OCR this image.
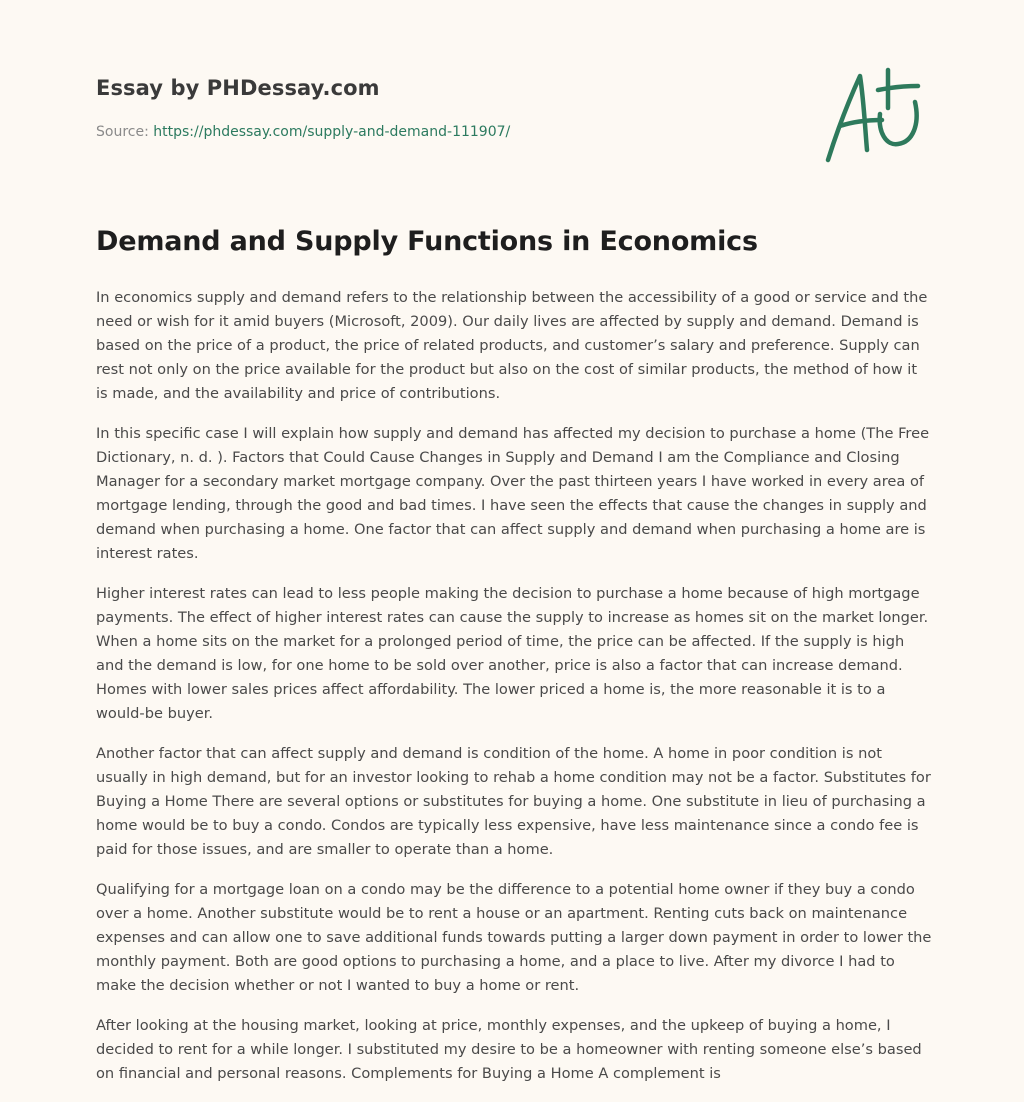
Essay by PHDessay.com
Source: https://phdessay.com/supply-and-demand-111907/
Demand and Supply Functions in Economics

In economics supply and demand refers to the relationship between the accessibility of a good or service and the need or wish for it amid buyers (Microsoft, 2009). Our daily lives are affected by supply and demand. Demand is based on the price of a product, the price of related products, and customer’s salary and preference. Supply can rest not only on the price available for the product but also on the cost of similar products, the method of how it is made, and the availability and price of contributions.

In this specific case I will explain how supply and demand has affected my decision to purchase a home (The Free Dictionary, n. d. ). Factors that Could Cause Changes in Supply and Demand I am the Compliance and Closing Manager for a secondary market mortgage company. Over the past thirteen years I have worked in every area of mortgage lending, through the good and bad times. I have seen the effects that cause the changes in supply and demand when purchasing a home. One factor that can affect supply and demand when purchasing a home are is interest rates.

Higher interest rates can lead to less people making the decision to purchase a home because of high mortgage payments. The effect of higher interest rates can cause the supply to increase as homes sit on the market longer. When a home sits on the market for a prolonged period of time, the price can be affected. If the supply is high and the demand is low, for one home to be sold over another, price is also a factor that can increase demand. Homes with lower sales prices affect affordability. The lower priced a home is, the more reasonable it is to a would-be buyer.

Another factor that can affect supply and demand is condition of the home. A home in poor condition is not usually in high demand, but for an investor looking to rehab a home condition may not be a factor. Substitutes for Buying a Home There are several options or substitutes for buying a home. One substitute in lieu of purchasing a home would be to buy a condo. Condos are typically less expensive, have less maintenance since a condo fee is paid for those issues, and are smaller to operate than a home.

Qualifying for a mortgage loan on a condo may be the difference to a potential home owner if they buy a condo over a home. Another substitute would be to rent a house or an apartment. Renting cuts back on maintenance expenses and can allow one to save additional funds towards putting a larger down payment in order to lower the monthly payment. Both are good options to purchasing a home, and a place to live. After my divorce I had to make the decision whether or not I wanted to buy a home or rent.

After looking at the housing market, looking at price, monthly expenses, and the upkeep of buying a home, I decided to rent for a while longer. I substituted my desire to be a homeowner with renting someone else’s based on financial and personal reasons. Complements for Buying a Home A complement is
